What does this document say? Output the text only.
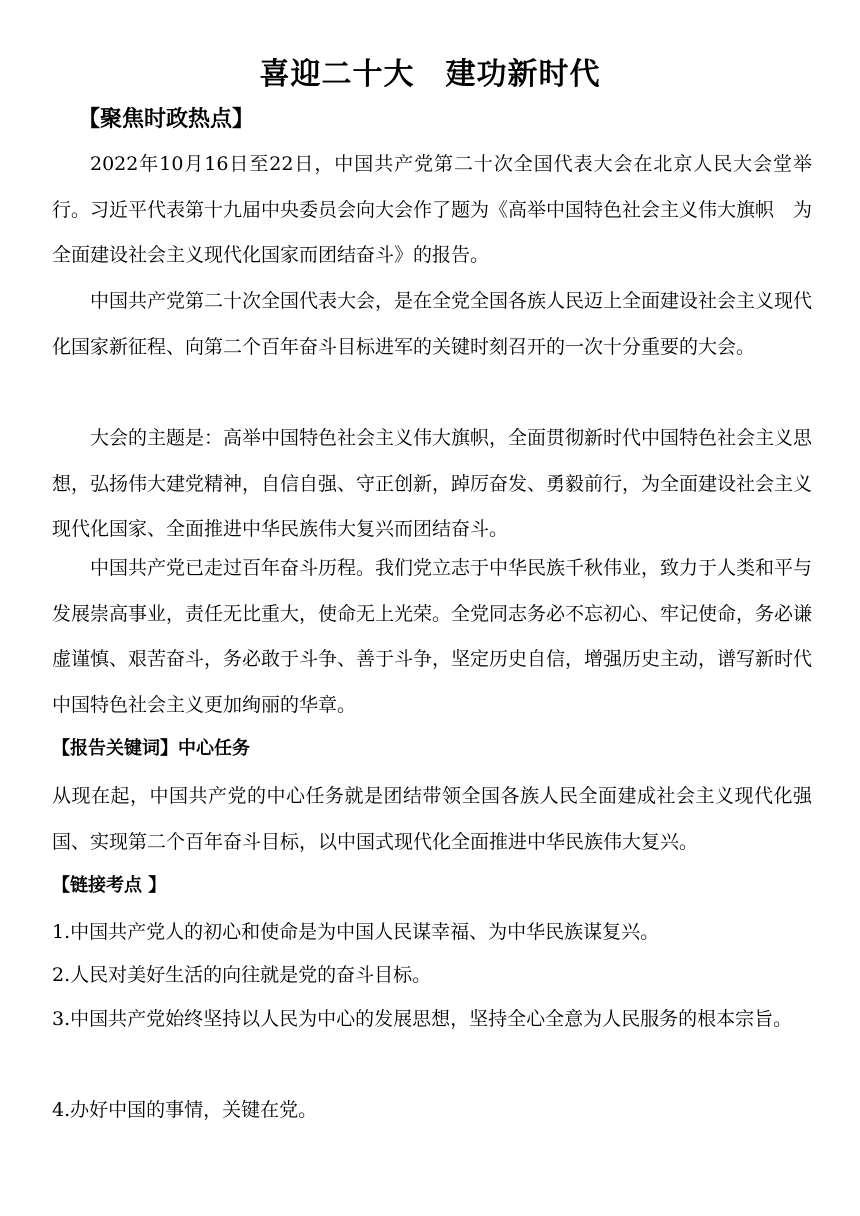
喜迎二十大　建功新时代
【聚焦时政热点】

2022年10月16日至22日，中国共产党第二十次全国代表大会在北京人民大会堂举行。习近平代表第十九届中央委员会向大会作了题为《高举中国特色社会主义伟大旗帜　为全面建设社会主义现代化国家而团结奋斗》的报告。

中国共产党第二十次全国代表大会，是在全党全国各族人民迈上全面建设社会主义现代化国家新征程、向第二个百年奋斗目标进军的关键时刻召开的一次十分重要的大会。

大会的主题是：高举中国特色社会主义伟大旗帜，全面贯彻新时代中国特色社会主义思想，弘扬伟大建党精神，自信自强、守正创新，踔厉奋发、勇毅前行，为全面建设社会主义现代化国家、全面推进中华民族伟大复兴而团结奋斗。

中国共产党已走过百年奋斗历程。我们党立志于中华民族千秋伟业，致力于人类和平与发展崇高事业，责任无比重大，使命无上光荣。全党同志务必不忘初心、牢记使命，务必谦虚谨慎、艰苦奋斗，务必敢于斗争、善于斗争，坚定历史自信，增强历史主动，谱写新时代中国特色社会主义更加绚丽的华章。

【报告关键词】中心任务

从现在起，中国共产党的中心任务就是团结带领全国各族人民全面建成社会主义现代化强国、实现第二个百年奋斗目标，以中国式现代化全面推进中华民族伟大复兴。

【链接考点 】

1.中国共产党人的初心和使命是为中国人民谋幸福、为中华民族谋复兴。

2.人民对美好生活的向往就是党的奋斗目标。

3.中国共产党始终坚持以人民为中心的发展思想，坚持全心全意为人民服务的根本宗旨。

4.办好中国的事情，关键在党。
